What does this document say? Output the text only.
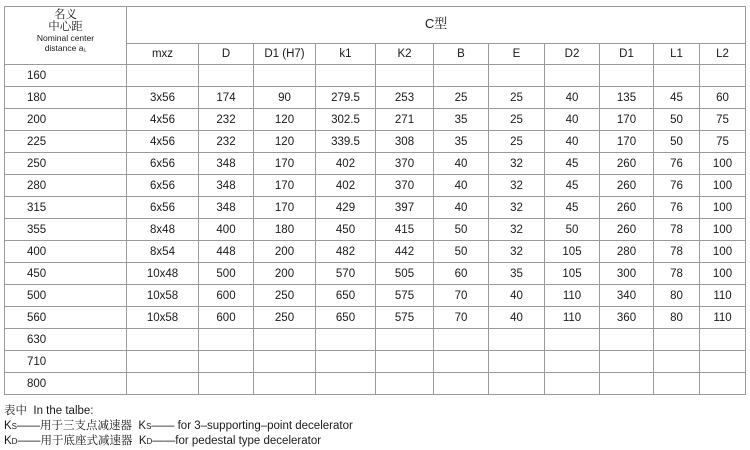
名义
中心距
Nominal center
distance a₁	C型										
	mxz	D	D1 (H7)	k1	K2	B	E	D2	D1	L1	L2
160											
180	3x56	174	90	279.5	253	25	25	40	135	45	60
200	4x56	232	120	302.5	271	35	25	40	170	50	75
225	4x56	232	120	339.5	308	35	25	40	170	50	75
250	6x56	348	170	402	370	40	32	45	260	76	100
280	6x56	348	170	402	370	40	32	45	260	76	100
315	6x56	348	170	429	397	40	32	45	260	76	100
355	8x48	400	180	450	415	50	32	50	260	78	100
400	8x54	448	200	482	442	50	32	105	280	78	100
450	10x48	500	200	570	505	60	35	105	300	78	100
500	10x58	600	250	650	575	70	40	110	340	80	110
560	10x58	600	250	650	575	70	40	110	360	80	110
630											
710											
800											
表中 In the talbe:
KS——用于三支点减速器 KS—— for 3–supporting–point decelerator
KD——用于底座式减速器 KD——for pedestal type decelerator
